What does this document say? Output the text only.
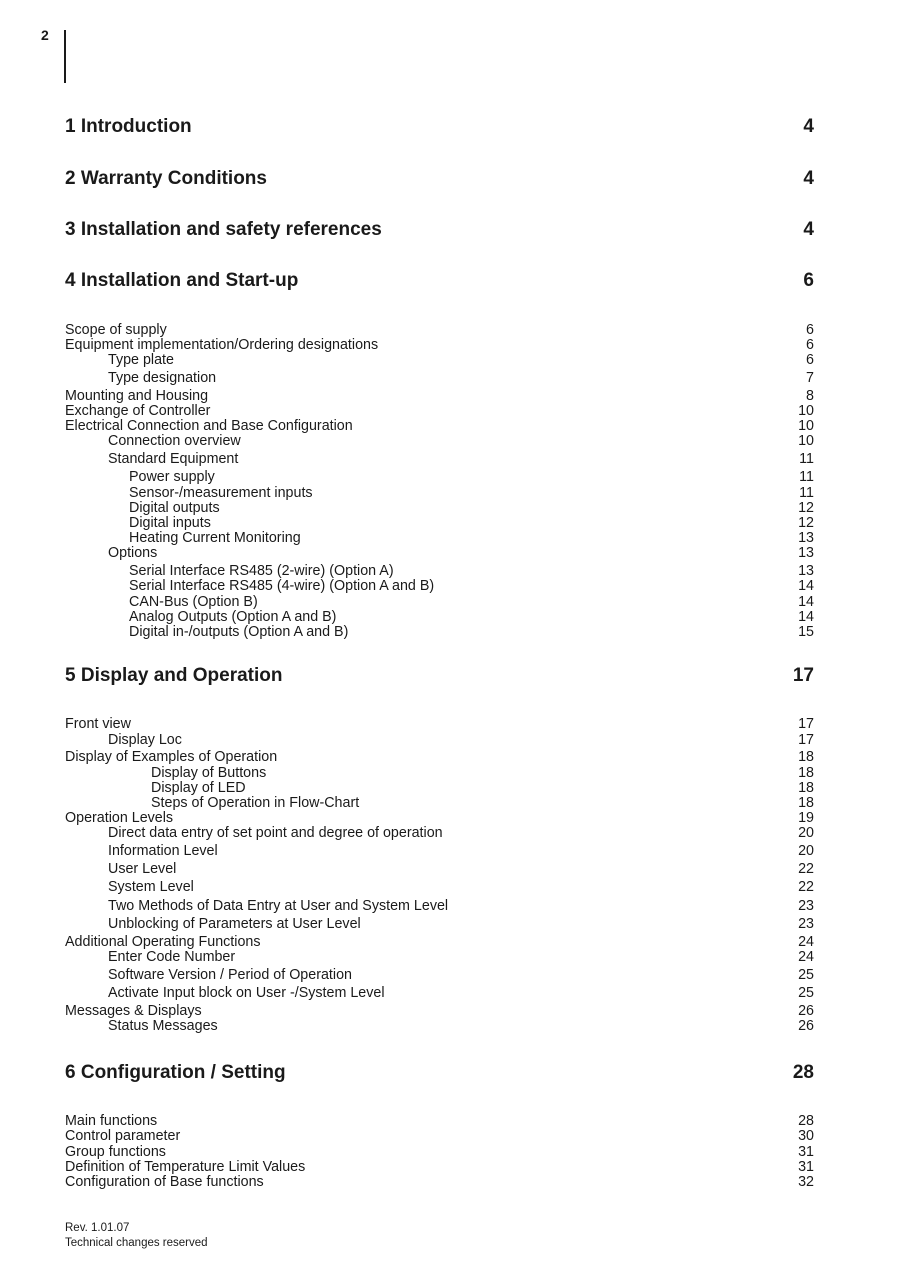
2
1 Introduction	4
2 Warranty Conditions	4
3 Installation and safety references	4
4 Installation and Start-up	6
Scope of supply	6
Equipment implementation/Ordering designations	6
Type plate	6
Type designation	7
Mounting and Housing	8
Exchange of Controller	10
Electrical Connection and Base Configuration	10
Connection overview	10
Standard Equipment	11
Power supply	11
Sensor-/measurement inputs	11
Digital outputs	12
Digital inputs	12
Heating Current Monitoring	13
Options	13
Serial Interface RS485 (2-wire) (Option A)	13
Serial Interface RS485 (4-wire) (Option A and B)	14
CAN-Bus (Option B)	14
Analog Outputs (Option A and B)	14
Digital in-/outputs (Option A and B)	15
5 Display and Operation	17
Front view	17
Display Loc	17
Display of Examples of Operation	18
Display of Buttons	18
Display of LED	18
Steps of Operation in Flow-Chart	18
Operation Levels	19
Direct data entry of set point and degree of operation	20
Information Level	20
User Level	22
System Level	22
Two Methods of Data Entry at User and System Level	23
Unblocking of Parameters at User Level	23
Additional Operating Functions	24
Enter Code Number	24
Software Version / Period of Operation	25
Activate Input block on User -/System Level	25
Messages & Displays	26
Status Messages	26
6 Configuration / Setting	28
Main functions	28
Control parameter	30
Group functions	31
Definition of Temperature Limit Values	31
Configuration of Base functions	32
Rev. 1.01.07
Technical changes reserved
